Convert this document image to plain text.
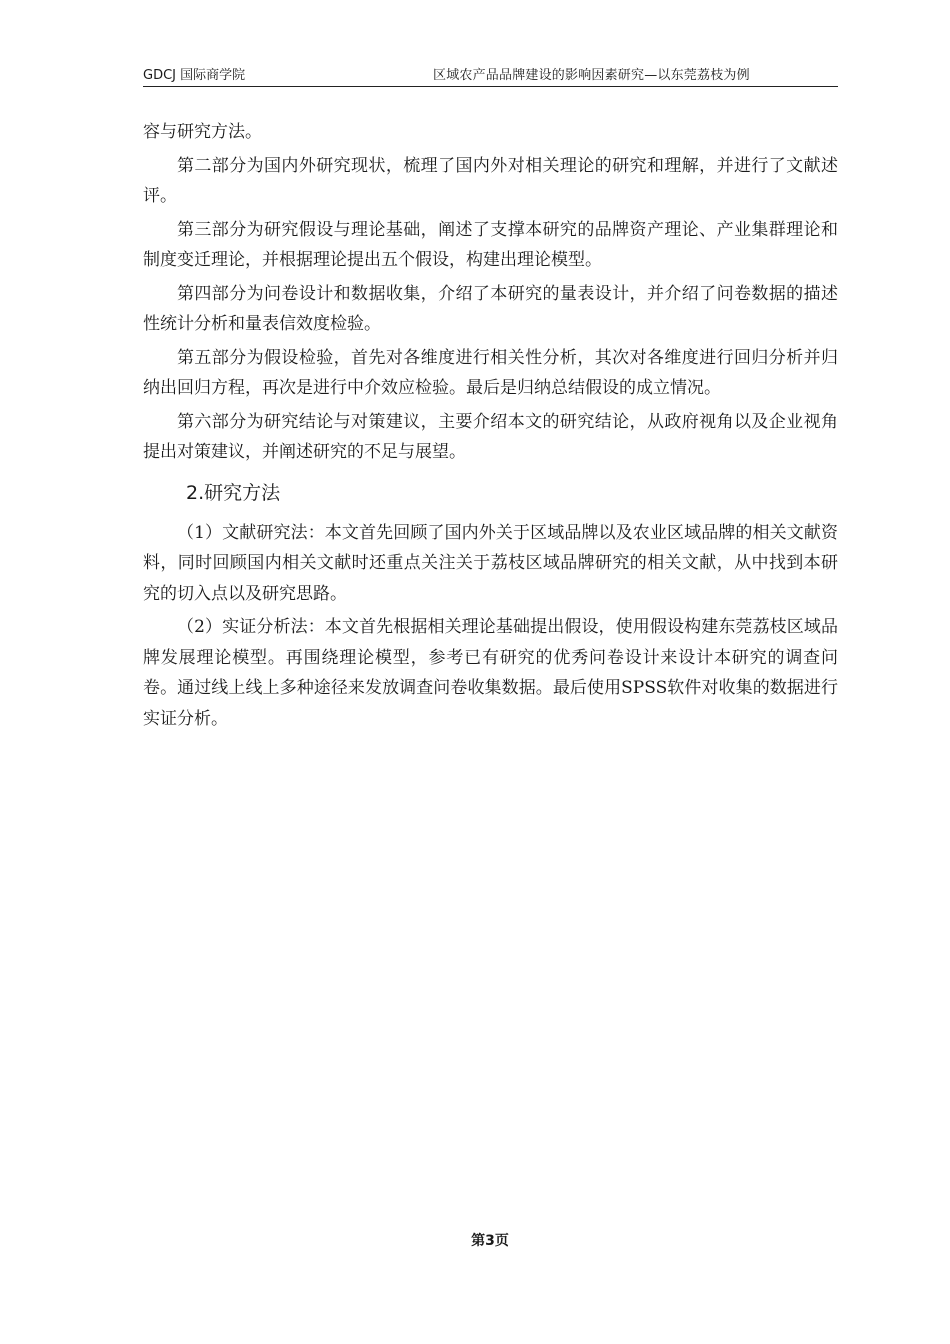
GDCJ 国际商学院	区域农产品品牌建设的影响因素研究—以东莞荔枝为例

容与研究方法。

第二部分为国内外研究现状，梳理了国内外对相关理论的研究和理解，并进行了文献述评。

第三部分为研究假设与理论基础，阐述了支撑本研究的品牌资产理论、产业集群理论和制度变迁理论，并根据理论提出五个假设，构建出理论模型。

第四部分为问卷设计和数据收集，介绍了本研究的量表设计，并介绍了问卷数据的描述性统计分析和量表信效度检验。

第五部分为假设检验，首先对各维度进行相关性分析，其次对各维度进行回归分析并归纳出回归方程，再次是进行中介效应检验。最后是归纳总结假设的成立情况。

第六部分为研究结论与对策建议，主要介绍本文的研究结论，从政府视角以及企业视角提出对策建议，并阐述研究的不足与展望。

2.研究方法

（1）文献研究法：本文首先回顾了国内外关于区域品牌以及农业区域品牌的相关文献资料，同时回顾国内相关文献时还重点关注关于荔枝区域品牌研究的相关文献，从中找到本研究的切入点以及研究思路。

（2）实证分析法：本文首先根据相关理论基础提出假设，使用假设构建东莞荔枝区域品牌发展理论模型。再围绕理论模型，参考已有研究的优秀问卷设计来设计本研究的调查问卷。通过线上线上多种途径来发放调查问卷收集数据。最后使用SPSS软件对收集的数据进行实证分析。

第3页
